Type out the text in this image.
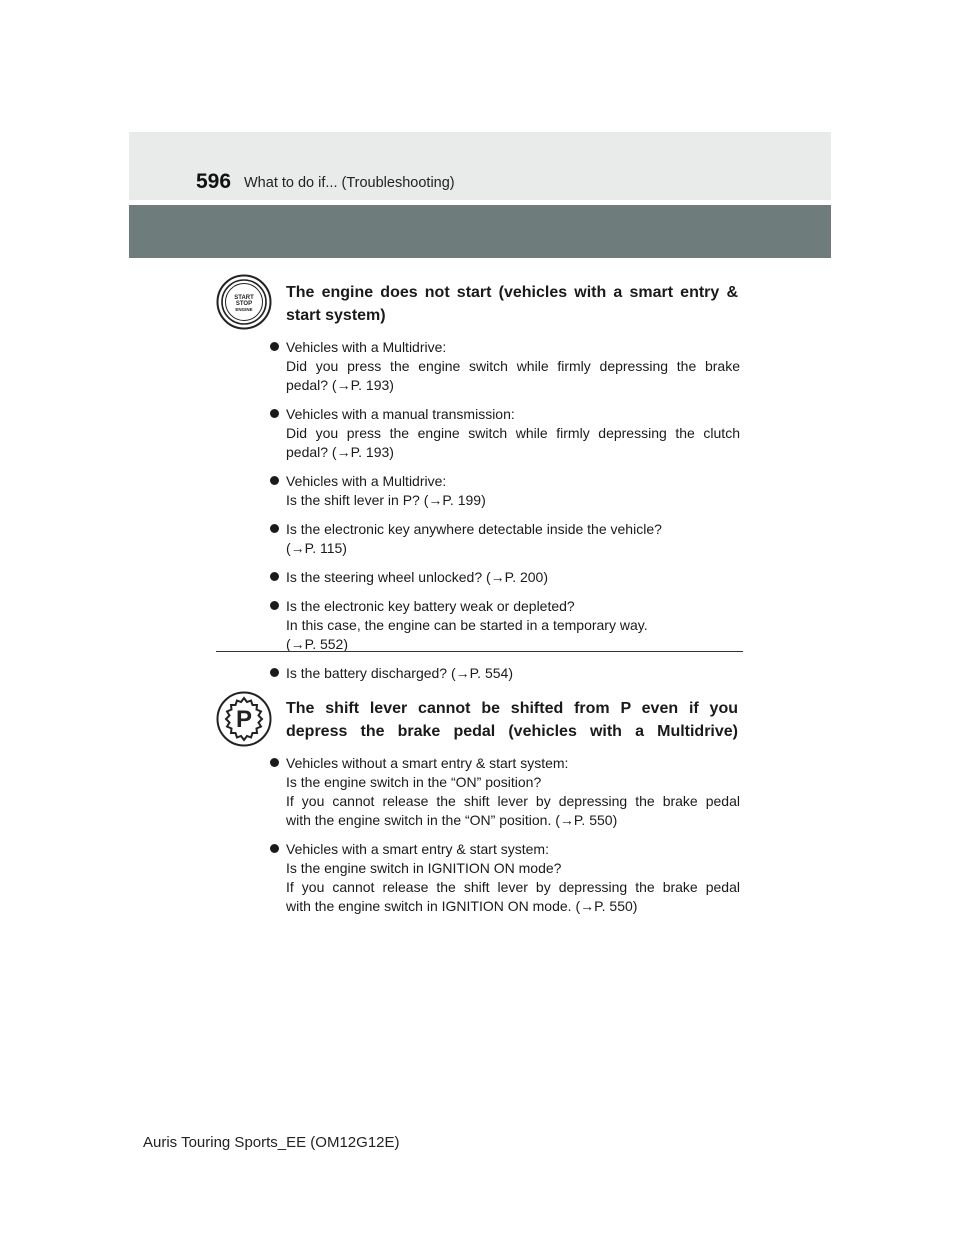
596 What to do if... (Troubleshooting)
START
STOP
ENGINE
The engine does not start (vehicles with a smart entry &
start system)
Vehicles with a Multidrive:
Did you press the engine switch while firmly depressing the brake
pedal? (→P. 193)
Vehicles with a manual transmission:
Did you press the engine switch while firmly depressing the clutch
pedal? (→P. 193)
Vehicles with a Multidrive:
Is the shift lever in P? (→P. 199)
Is the electronic key anywhere detectable inside the vehicle?
(→P. 115)
Is the steering wheel unlocked? (→P. 200)
Is the electronic key battery weak or depleted?
In this case, the engine can be started in a temporary way.
(→P. 552)
Is the battery discharged? (→P. 554)
P The shift lever cannot be shifted from P even if you
depress the brake pedal (vehicles with a Multidrive)
Vehicles without a smart entry & start system:
Is the engine switch in the “ON” position?
If you cannot release the shift lever by depressing the brake pedal
with the engine switch in the “ON” position. (→P. 550)
Vehicles with a smart entry & start system:
Is the engine switch in IGNITION ON mode?
If you cannot release the shift lever by depressing the brake pedal
with the engine switch in IGNITION ON mode. (→P. 550)
Auris Touring Sports_EE (OM12G12E)
